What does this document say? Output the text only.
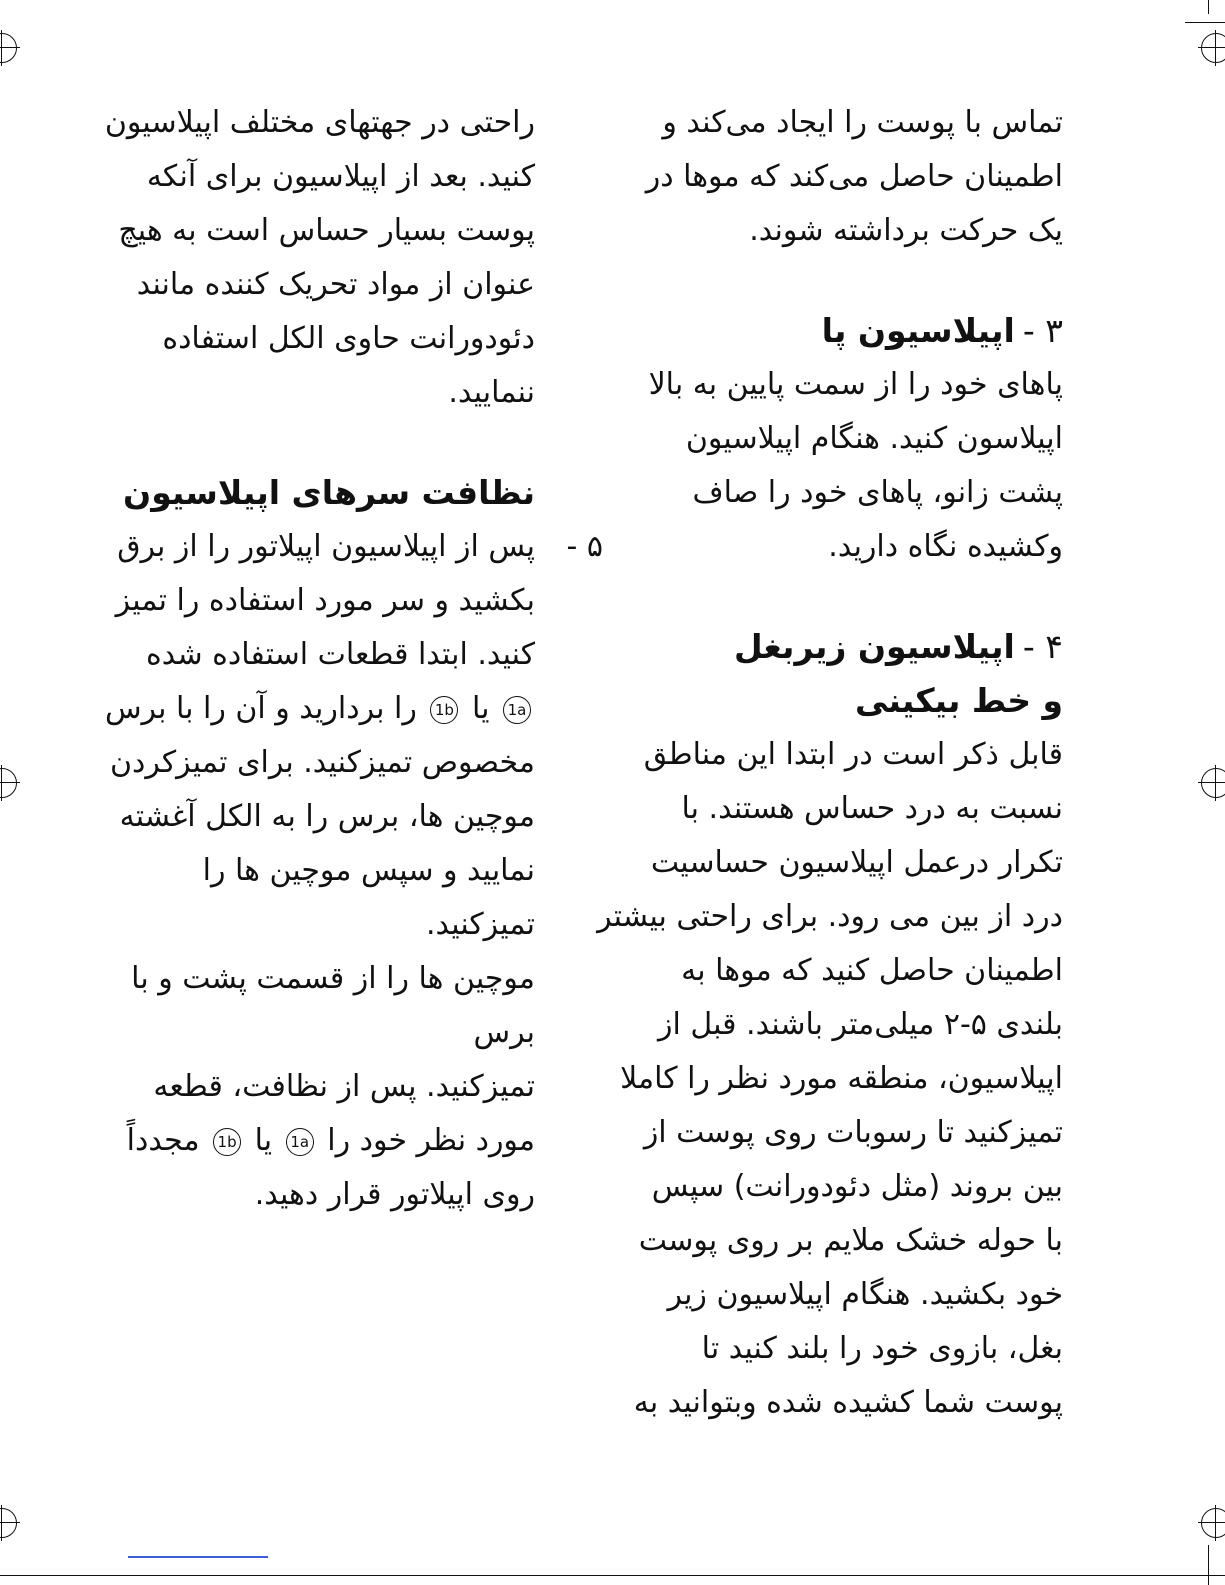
تماس با پوست را ایجاد می‌کند و

اطمینان حاصل می‌کند که موها در

یک حرکت برداشته شوند.

۳ -اپیلاسیون پا

پاهای خود را از سمت پایین به بالا

اپیلاسون کنید. هنگام اپیلاسیون

پشت زانو، پاهای خود را صاف

وکشیده نگاه دارید.

۴ -اپیلاسیون زیربغل
و خط بیکینی

قابل ذکر است در ابتدا این مناطق

نسبت به درد حساس هستند. با

تکرار درعمل اپیلاسیون حساسیت

درد از بین می رود. برای راحتی بیشتر

اطمینان حاصل کنید که موها به

بلندی ۵-۲ میلی‌متر باشند. قبل از

اپیلاسیون، منطقه مورد نظر را کاملا

تمیزکنید تا رسوبات روی پوست از

بین بروند (مثل دئودورانت) سپس

با حوله خشک ملایم بر روی پوست

خود بکشید. هنگام اپیلاسیون زیر

بغل، بازوی خود را بلند کنید تا

پوست شما کشیده شده وبتوانید به

راحتی در جهتهای مختلف اپیلاسیون

کنید. بعد از اپیلاسیون برای آنکه

پوست بسیار حساس است به هیچ

عنوان از مواد تحریک کننده مانند

دئودورانت حاوی الکل استفاده

ننمایید.

نظافت سرهای اپیلاسیون

۵ -
پس از اپیلاسیون اپیلاتور را از برق

بکشید و سر مورد استفاده را تمیز

کنید. ابتدا قطعات استفاده شده

1a یا 1b را بردارید و آن را با برس

مخصوص تمیزکنید. برای تمیزکردن

موچین ها، برس را به الکل آغشته

نمایید و سپس موچین ها را تمیزکنید.

موچین ها را از قسمت پشت و با برس

تمیزکنید. پس از نظافت، قطعه

مورد نظر خود را 1a یا 1b مجدداً

روی اپیلاتور قرار دهید.
